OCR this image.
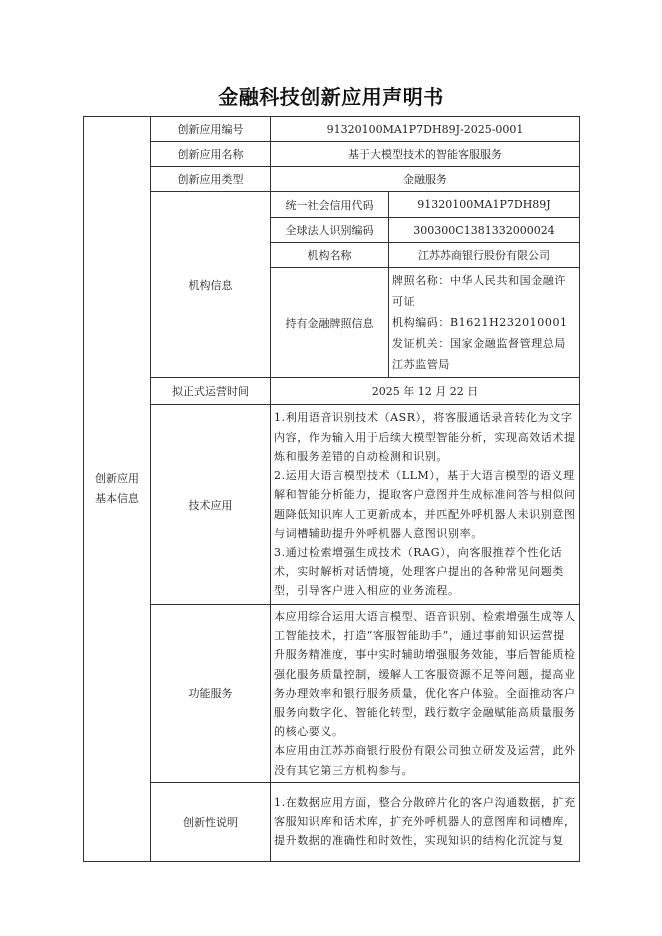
金融科技创新应用声明书
创新应用
基本信息	创新应用编号	91320100MA1P7DH89J-2025-0001	
	创新应用名称	基于大模型技术的智能客服服务	
	创新应用类型	金融服务	
	机构信息	统一社会信用代码	91320100MA1P7DH89J
		全球法人识别编码	300300C1381332000024
		机构名称	江苏苏商银行股份有限公司
		持有金融牌照信息	牌照名称：中华人民共和国金融许可证
机构编码：B1621H232010001
发证机关：国家金融监督管理总局江苏监管局

	拟正式运营时间	2025 年 12 月 22 日	
	技术应用	1.利用语音识别技术（ASR），将客服通话录音转化为文字内容，作为输入用于后续大模型智能分析，实现高效话术提炼和服务差错的自动检测和识别。
2.运用大语言模型技术（LLM），基于大语言模型的语义理解和智能分析能力，提取客户意图并生成标准问答与相似问题降低知识库人工更新成本，并匹配外呼机器人未识别意图与词槽辅助提升外呼机器人意图识别率。
3.通过检索增强生成技术（RAG），向客服推荐个性化话术，实时解析对话情境，处理客户提出的各种常见问题类型，引导客户进入相应的业务流程。	

	功能服务	本应用综合运用大语言模型、语音识别、检索增强生成等人工智能技术，打造“客服智能助手”，通过事前知识运营提升服务精准度，事中实时辅助增强服务效能，事后智能质检强化服务质量控制，缓解人工客服资源不足等问题，提高业务办理效率和银行服务质量，优化客户体验。全面推动客户服务向数字化、智能化转型，践行数字金融赋能高质量服务的核心要义。
本应用由江苏苏商银行股份有限公司独立研发及运营，此外没有其它第三方机构参与。	

	创新性说明	1.在数据应用方面，整合分散碎片化的客户沟通数据，扩充客服知识库和话术库，扩充外呼机器人的意图库和词槽库，提升数据的准确性和时效性，实现知识的结构化沉淀与复	
